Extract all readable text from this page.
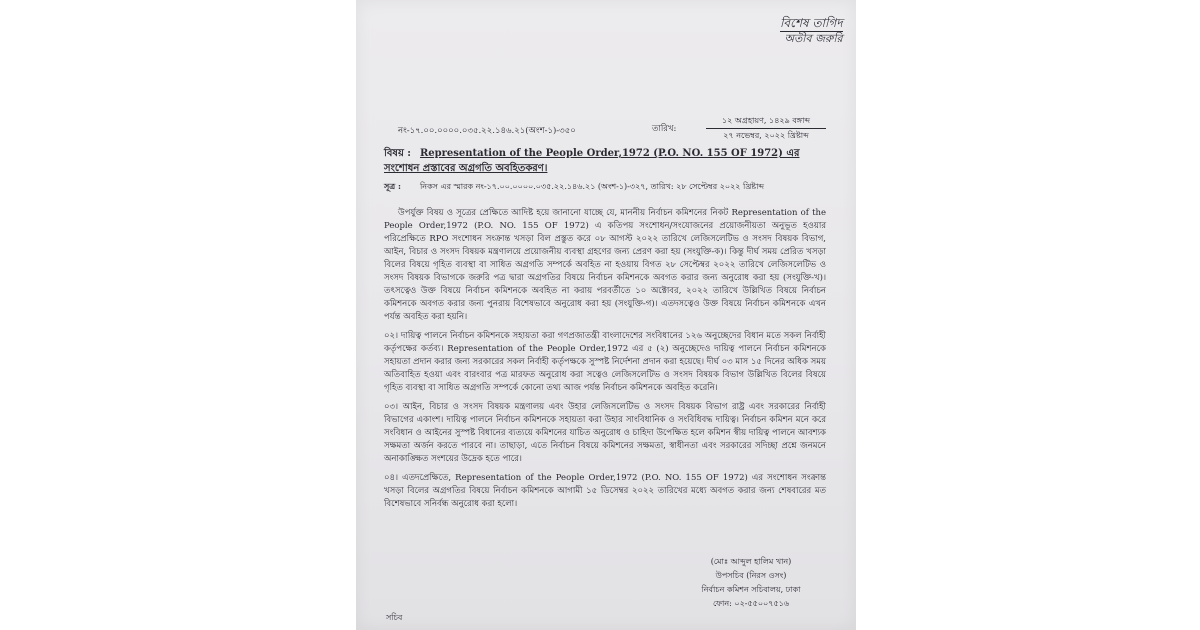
বিশেষ তাগিদ
অতীব জরুরি
নং-১৭.০০.০০০০.০৩৫.২২.১৪৬.২১(অংশ-১)-৩৫০	তারিখ:
১২ অগ্রহায়ণ, ১৪২৯ বঙ্গাব্দ
২৭ নভেম্বর, ২০২২ খ্রিষ্টাব্দ
বিষয় : Representation of the People Order,1972 (P.O. NO. 155 OF 1972) এর সংশোধন প্রস্তাবের অগ্রগতি অবহিতকরণ।
সূত্র : নিকস এর স্মারক নং-১৭.০০.০০০০.০৩৫.২২.১৪৬.২১ (অংশ-১)-৩২৭, তারিখ: ২৮ সেপ্টেম্বর ২০২২ খ্রিষ্টাব্দ

উপর্যুক্ত বিষয় ও সূত্রের প্রেক্ষিতে আদিষ্ট হয়ে জানানো যাচ্ছে যে, মাননীয় নির্বাচন কমিশনের নিকট Representation of the People Order,1972 (P.O. NO. 155 OF 1972) এ কতিপয় সংশোধন/সংযোজনের প্রয়োজনীয়তা অনুভূত হওয়ার পরিপ্রেক্ষিতে RPO সংশোধন সংক্রান্ত খসড়া বিল প্রস্তুত করে ০৮ আগস্ট ২০২২ তারিখে লেজিসলেটিভ ও সংসদ বিষয়ক বিভাগ, আইন, বিচার ও সংসদ বিষয়ক মন্ত্রণালয়ে প্রয়োজনীয় ব্যবস্থা গ্রহণের জন্য প্রেরণ করা হয় (সংযুক্তি-ক)। কিন্তু দীর্ঘ সময় প্রেরিত খসড়া বিলের বিষয়ে গৃহিত ব্যবস্থা বা সাধিত অগ্রগতি সম্পর্কে অবহিত না হওয়ায় বিগত ২৮ সেপ্টেম্বর ২০২২ তারিখে লেজিসলেটিভ ও সংসদ বিষয়ক বিভাগকে জরুরি পত্র দ্বারা অগ্রগতির বিষয়ে নির্বাচন কমিশনকে অবগত করার জন্য অনুরোধ করা হয় (সংযুক্তি-খ)। তৎসত্বেও উক্ত বিষয়ে নির্বাচন কমিশনকে অবহিত না করায় পরবর্তীতে ১০ অক্টোবর, ২০২২ তারিখে উল্লিখিত বিষয়ে নির্বাচন কমিশনকে অবগত করার জন্য পুনরায় বিশেষভাবে অনুরোধ করা হয় (সংযুক্তি-গ)। এতদসত্বেও উক্ত বিষয়ে নির্বাচন কমিশনকে এখন পর্যন্ত অবহিত করা হয়নি।

০২। দায়িত্ব পালনে নির্বাচন কমিশনকে সহায়তা করা গণপ্রজাতন্ত্রী বাংলাদেশের সংবিধানের ১২৬ অনুচ্ছেদের বিধান মতে সকল নির্বাহী কর্তৃপক্ষের কর্তব্য। Representation of the People Order,1972 এর ৫ (২) অনুচ্ছেদেও দায়িত্ব পালনে নির্বাচন কমিশনকে সহায়তা প্রদান করার জন্য সরকারের সকল নির্বাহী কর্তৃপক্ষকে সুস্পষ্ট নির্দেশনা প্রদান করা হয়েছে। দীর্ঘ ০৩ মাস ১৫ দিনের অধিক সময় অতিবাহিত হওয়া এবং বারংবার পত্র মারফত অনুরোধ করা সত্বেও লেজিসলেটিভ ও সংসদ বিষয়ক বিভাগ উল্লিখিত বিলের বিষয়ে গৃহিত ব্যবস্থা বা সাধিত অগ্রগতি সম্পর্কে কোনো তথ্য আজ পর্যন্ত নির্বাচন কমিশনকে অবহিত করেনি।

০৩। আইন, বিচার ও সংসদ বিষয়ক মন্ত্রণালয় এবং উহার লেজিসলেটিভ ও সংসদ বিষয়ক বিভাগ রাষ্ট্র এবং সরকারের নির্বাহী বিভাগের একাংশ। দায়িত্ব পালনে নির্বাচন কমিশনকে সহায়তা করা উহার সাংবিধানিক ও সংবিধিবদ্ধ দায়িত্ব। নির্বাচন কমিশন মনে করে সংবিধান ও আইনের সুস্পষ্ট বিধানের ব্যত্যয়ে কমিশনের যাচিত অনুরোধ ও চাহিদা উপেক্ষিত হলে কমিশন স্বীয় দায়িত্ব পালনে আবশ্যক সক্ষমতা অর্জন করতে পারবে না। তাছাড়া, এতে নির্বাচন বিষয়ে কমিশনের সক্ষমতা, স্বাধীনতা এবং সরকারের সদিচ্ছা প্রশ্নে জনমনে অনাকাঙ্ক্ষিত সংশয়ের উদ্রেক হতে পারে।

০৪। এতদপ্রেক্ষিতে, Representation of the People Order,1972 (P.O. NO. 155 OF 1972) এর সংশোধন সংক্রান্ত খসড়া বিলের অগ্রগতির বিষয়ে নির্বাচন কমিশনকে আগামী ১৫ ডিসেম্বর ২০২২ তারিখের মধ্যে অবগত করার জন্য শেষবারের মত বিশেষভাবে সনির্বন্ধ অনুরোধ করা হলো।

(মোঃ আব্দুল হালিম খান)
উপসচিব (নিরস ওসং)
নির্বাচন কমিশন সচিবালয়, ঢাকা
ফোন: ০২-৫৫০০৭৫১৬
সচিব
